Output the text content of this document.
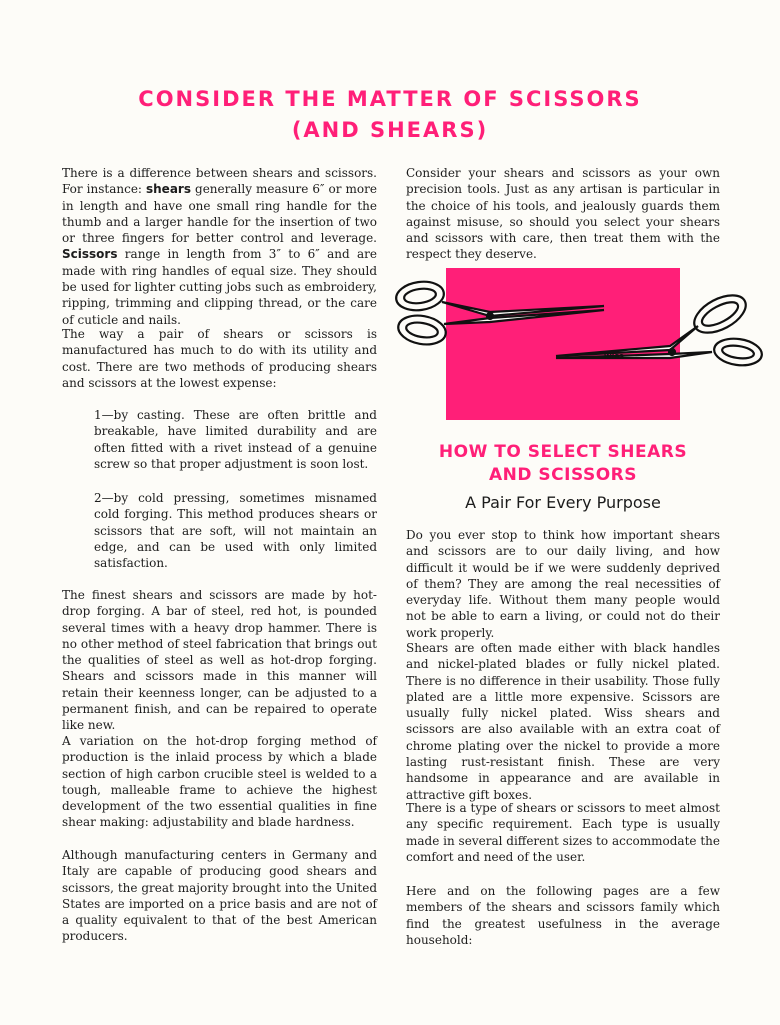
CONSIDER THE MATTER OF SCISSORS
(AND SHEARS)

There is a difference between shears and scissors. For instance: shears generally measure 6″ or more in length and have one small ring handle for the thumb and a larger handle for the insertion of two or three fingers for better control and leverage. Scissors range in length from 3″ to 6″ and are made with ring handles of equal size. They should be used for lighter cutting jobs such as embroidery, ripping, trimming and clipping thread, or the care of cuticle and nails.

The way a pair of shears or scissors is manufactured has much to do with its utility and cost. There are two methods of producing shears and scissors at the lowest expense:

1—by casting. These are often brittle and breakable, have limited durability and are often fitted with a rivet instead of a genuine screw so that proper adjustment is soon lost.

2—by cold pressing, sometimes misnamed cold forging. This method produces shears or scissors that are soft, will not maintain an edge, and can be used with only limited satisfaction.

The finest shears and scissors are made by hot-drop forging. A bar of steel, red hot, is pounded several times with a heavy drop hammer. There is no other method of steel fabrication that brings out the qualities of steel as well as hot-drop forging. Shears and scissors made in this manner will retain their keenness longer, can be adjusted to a permanent finish, and can be repaired to operate like new.

A variation on the hot-drop forging method of production is the inlaid process by which a blade section of high carbon crucible steel is welded to a tough, malleable frame to achieve the highest development of the two essential qualities in fine shear making: adjustability and blade hardness.

Although manufacturing centers in Germany and Italy are capable of producing good shears and scissors, the great majority brought into the United States are imported on a price basis and are not of a quality equivalent to that of the best American producers.

Consider your shears and scissors as your own precision tools. Just as any artisan is particular in the choice of his tools, and jealously guards them against misuse, so should you select your shears and scissors with care, then treat them with the respect they deserve.

WISS
HOW TO SELECT SHEARS
AND SCISSORS
A Pair For Every Purpose

Do you ever stop to think how important shears and scissors are to our daily living, and how difficult it would be if we were suddenly deprived of them? They are among the real necessities of everyday life. Without them many people would not be able to earn a living, or could not do their work properly.

Shears are often made either with black handles and nickel-plated blades or fully nickel plated. There is no difference in their usability. Those fully plated are a little more expensive. Scissors are usually fully nickel plated. Wiss shears and scissors are also available with an extra coat of chrome plating over the nickel to provide a more lasting rust-resistant finish. These are very handsome in appearance and are available in attractive gift boxes.

There is a type of shears or scissors to meet almost any specific requirement. Each type is usually made in several different sizes to accommodate the comfort and need of the user.

Here and on the following pages are a few members of the shears and scissors family which find the greatest usefulness in the average household:
